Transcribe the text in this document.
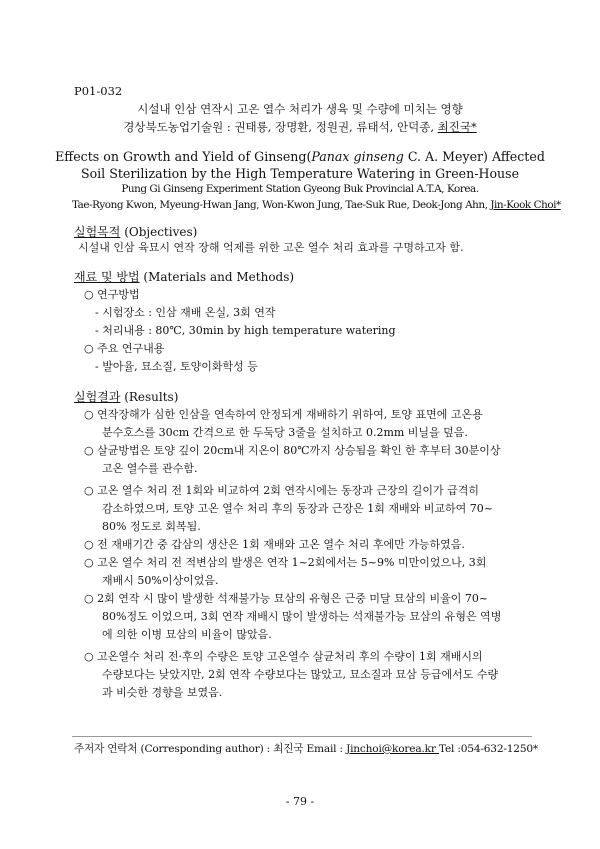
P01-032
시설내 인삼 연작시 고온 열수 처리가 생육 및 수량에 미치는 영향
경상북도농업기술원 : 권태룡, 장명환, 정원권, 류태석, 안덕종, 최진국*
Effects on Growth and Yield of Ginseng(Panax ginseng C. A. Meyer) Affected
Soil Sterilization by the High Temperature Watering in Green-House
Pung Gi Ginseng Experiment Station Gyeong Buk Provincial A.T.A, Korea.
Tae-Ryong Kwon, Myeung-Hwan Jang, Won-Kwon Jung, Tae-Suk Rue, Deok-Jong Ahn, Jin-Kook Choi*
실험목적 (Objectives)
시설내 인삼 육묘시 연작 장해 억제를 위한 고온 열수 처리 효과를 구명하고자 함.
재료 및 방법 (Materials and Methods)
○ 연구방법
- 시험장소 : 인삼 재배 온실, 3회 연작
- 처리내용 : 80℃, 30min by high temperature watering
○ 주요 연구내용
- 발아율, 묘소질, 토양이화학성 등
실험결과 (Results)
○ 연작장해가 심한 인삼을 연속하여 안정되게 재배하기 위하여, 토양 표면에 고온용
분수호스를 30cm 간격으로 한 두둑당 3줄을 설치하고 0.2mm 비닐을 덮음.
○ 살균방법은 토양 깊이 20cm내 지온이 80℃까지 상승됨을 확인 한 후부터 30분이상
고온 열수를 관수함.
○ 고온 열수 처리 전 1회와 비교하여 2회 연작시에는 동장과 근장의 길이가 급격히
감소하였으며, 토양 고온 열수 처리 후의 동장과 근장은 1회 재배와 비교하여 70~
80% 정도로 회복됨.
○ 전 재배기간 중 갑삼의 생산은 1회 재배와 고온 열수 처리 후에만 가능하였음.
○ 고온 열수 처리 전 적변삼의 발생은 연작 1~2회에서는 5~9% 미만이었으나, 3회
재배시 50%이상이었음.
○ 2회 연작 시 많이 발생한 석재불가능 묘삼의 유형은 근중 미달 묘삼의 비율이 70~
80%정도 이었으며, 3회 연작 재배시 많이 발생하는 석재불가능 묘삼의 유형은 역병
에 의한 이병 묘삼의 비율이 많았음.
○ 고온열수 처리 전·후의 수량은 토양 고온열수 살균처리 후의 수량이 1회 재배시의
수량보다는 낮았지만, 2회 연작 수량보다는 많았고, 묘소질과 묘삼 등급에서도 수량
과 비슷한 경향을 보였음.
주저자 연락처 (Corresponding author) : 최진국 Email : Jinchoi@korea.kr Tel :054-632-1250*
- 79 -
